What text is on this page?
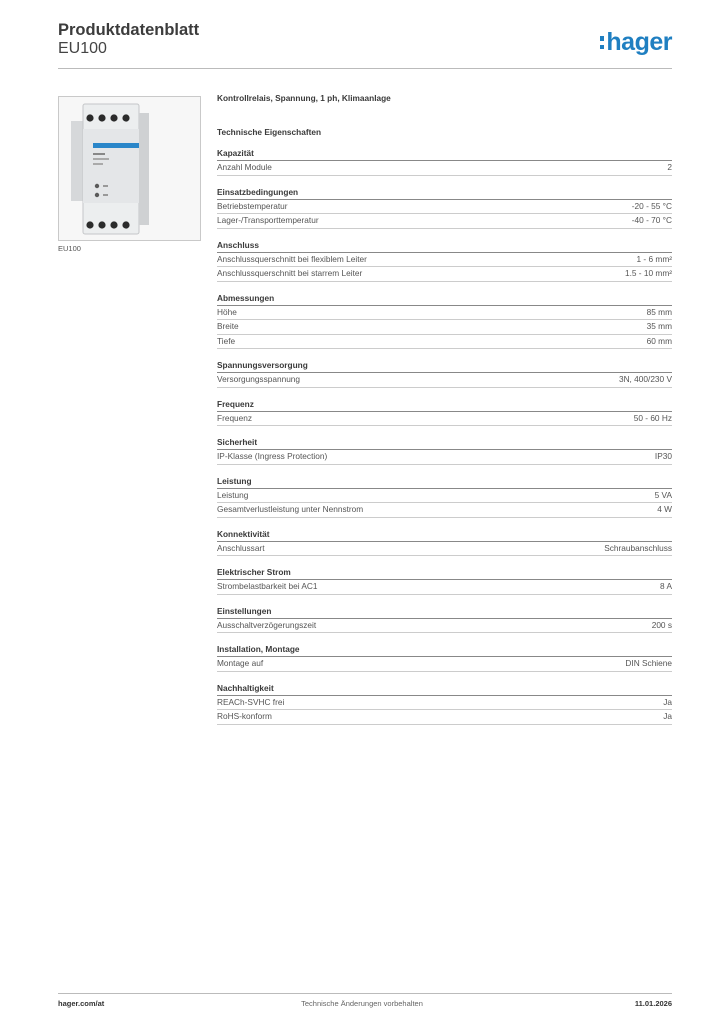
Produktdatenblatt
EU100	hager
EU100
Kontrollrelais, Spannung, 1 ph, Klimaanlage
Technische Eigenschaften
Kapazität
Anzahl Module	2
Einsatzbedingungen
Betriebstemperatur	-20 - 55 °C
Lager-/Transporttemperatur	-40 - 70 °C
Anschluss
Anschlussquerschnitt bei flexiblem Leiter	1 - 6 mm²
Anschlussquerschnitt bei starrem Leiter	1.5 - 10 mm²
Abmessungen
Höhe	85 mm
Breite	35 mm
Tiefe	60 mm
Spannungsversorgung
Versorgungsspannung	3N, 400/230 V
Frequenz
Frequenz	50 - 60 Hz
Sicherheit
IP-Klasse (Ingress Protection)	IP30
Leistung
Leistung	5 VA
Gesamtverlustleistung unter Nennstrom	4 W
Konnektivität
Anschlussart	Schraubanschluss
Elektrischer Strom
Strombelastbarkeit bei AC1	8 A
Einstellungen
Ausschaltverzögerungszeit	200 s
Installation, Montage
Montage auf	DIN Schiene
Nachhaltigkeit
REACh-SVHC frei	Ja
RoHS-konform	Ja
hager.com/at	Technische Änderungen vorbehalten	11.01.2026
